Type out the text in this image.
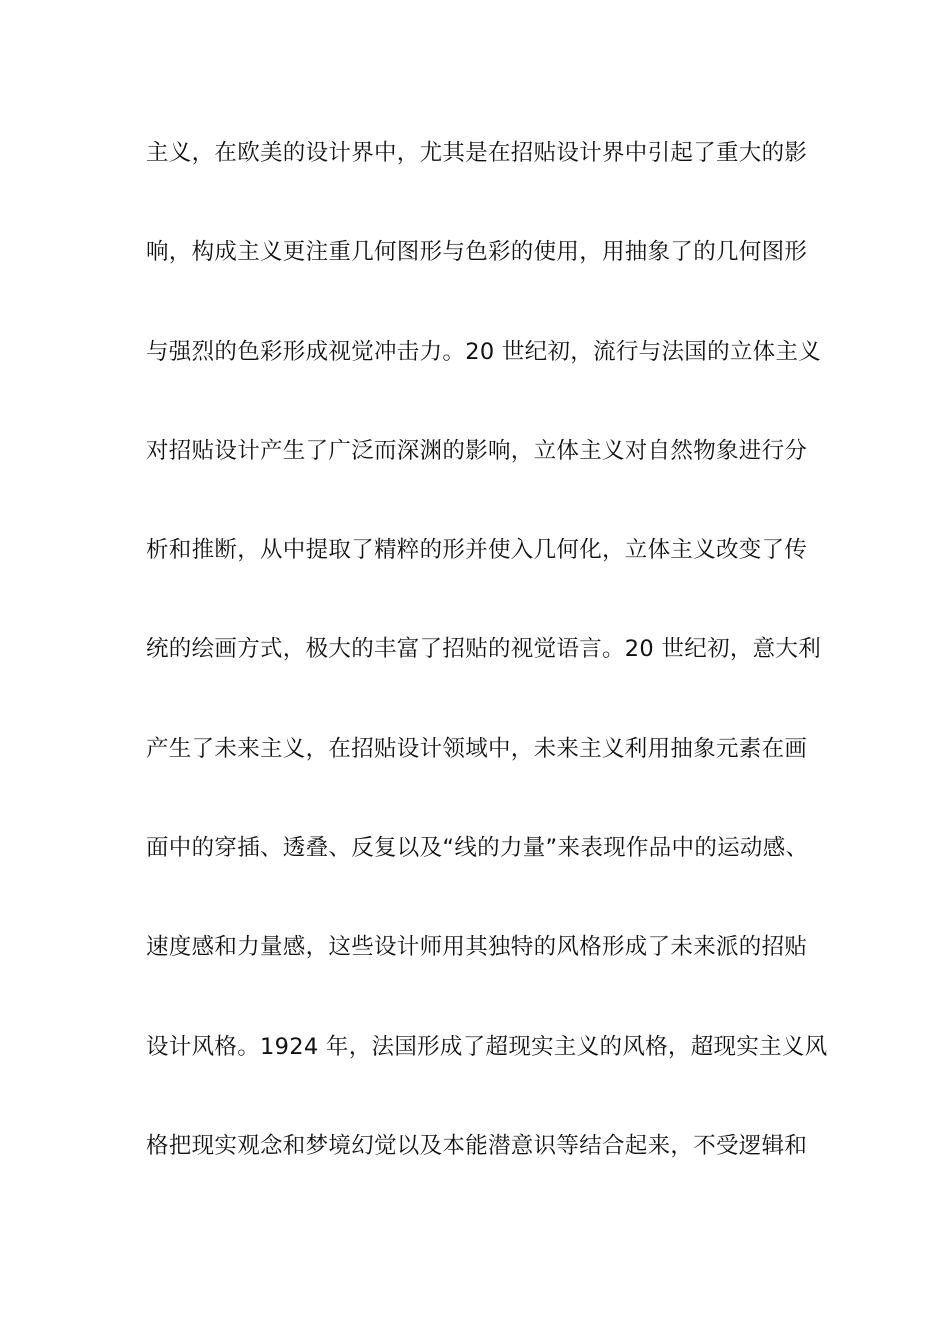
主义，在欧美的设计界中，尤其是在招贴设计界中引起了重大的影
响，构成主义更注重几何图形与色彩的使用，用抽象了的几何图形
与强烈的色彩形成视觉冲击力。20 世纪初，流行与法国的立体主义
对招贴设计产生了广泛而深渊的影响，立体主义对自然物象进行分
析和推断，从中提取了精粹的形并使入几何化，立体主义改变了传
统的绘画方式，极大的丰富了招贴的视觉语言。20 世纪初，意大利
产生了未来主义，在招贴设计领域中，未来主义利用抽象元素在画
面中的穿插、透叠、反复以及“线的力量”来表现作品中的运动感、
速度感和力量感，这些设计师用其独特的风格形成了未来派的招贴
设计风格。1924 年，法国形成了超现实主义的风格，超现实主义风
格把现实观念和梦境幻觉以及本能潜意识等结合起来，不受逻辑和
